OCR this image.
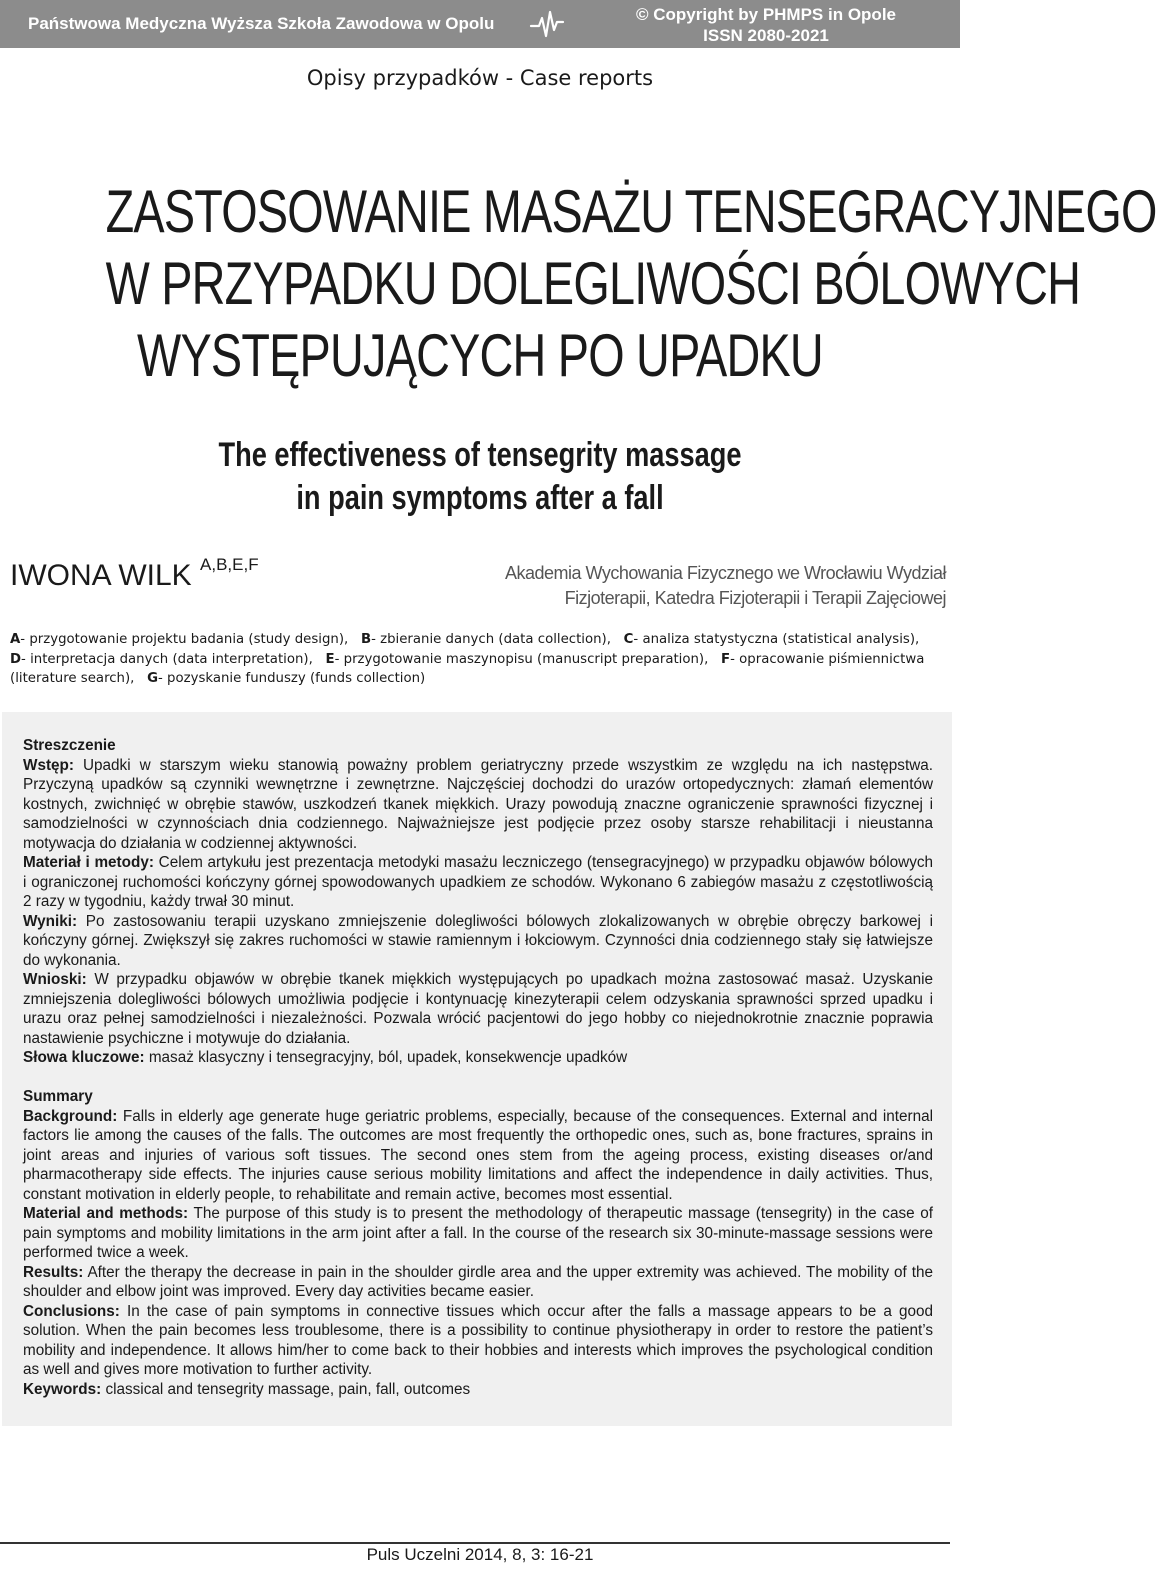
Państwowa Medyczna Wyższa Szkoła Zawodowa w Opolu	© Copyright by PHMPS in Opole
ISSN 2080-2021
Opisy przypadków - Case reports
ZASTOSOWANIE MASAŻU TENSEGRACYJNEGO
W PRZYPADKU DOLEGLIWOŚCI BÓLOWYCH
WYSTĘPUJĄCYCH PO UPADKU
The effectiveness of tensegrity massage
in pain symptoms after a fall
IWONA WILK $^{A,B,E,F}$	Akademia Wychowania Fizycznego we Wrocławiu Wydział
Fizjoterapii, Katedra Fizjoterapii i Terapii Zajęciowej
A- przygotowanie projektu badania (study design), B- zbieranie danych (data collection), C- analiza statystyczna (statistical analysis),
D- interpretacja danych (data interpretation), E- przygotowanie maszynopisu (manuscript preparation), F- opracowanie piśmiennictwa (literature search), G- pozyskanie funduszy (funds collection)

Streszczenie

Wstęp: Upadki w starszym wieku stanowią poważny problem geriatryczny przede wszystkim ze względu na ich następstwa. Przyczyną upadków są czynniki wewnętrzne i zewnętrzne. Najczęściej dochodzi do urazów ortopedycznych: złamań elementów kostnych, zwichnięć w obrębie stawów, uszkodzeń tkanek miękkich. Urazy powodują znaczne ograniczenie sprawności fizycznej i samodzielności w czynnościach dnia codziennego. Najważniejsze jest podjęcie przez osoby starsze rehabilitacji i nieustanna motywacja do działania w codziennej aktywności.

Materiał i metody: Celem artykułu jest prezentacja metodyki masażu leczniczego (tensegracyjnego) w przypadku objawów bólowych i ograniczonej ruchomości kończyny górnej spowodowanych upadkiem ze schodów. Wykonano 6 zabiegów masażu z częstotliwością 2 razy w tygodniu, każdy trwał 30 minut.

Wyniki: Po zastosowaniu terapii uzyskano zmniejszenie dolegliwości bólowych zlokalizowanych w obrębie obręczy barkowej i kończyny górnej. Zwiększył się zakres ruchomości w stawie ramiennym i łokciowym. Czynności dnia codziennego stały się łatwiejsze do wykonania.

Wnioski: W przypadku objawów w obrębie tkanek miękkich występujących po upadkach można zastosować masaż. Uzyskanie zmniejszenia dolegliwości bólowych umożliwia podjęcie i kontynuację kinezyterapii celem odzyskania sprawności sprzed upadku i urazu oraz pełnej samodzielności i niezależności. Pozwala wrócić pacjentowi do jego hobby co niejednokrotnie znacznie poprawia nastawienie psychiczne i motywuje do działania.

Słowa kluczowe: masaż klasyczny i tensegracyjny, ból, upadek, konsekwencje upadków

Summary

Background: Falls in elderly age generate huge geriatric problems, especially, because of the consequences. External and internal factors lie among the causes of the falls. The outcomes are most frequently the orthopedic ones, such as, bone fractures, sprains in joint areas and injuries of various soft tissues. The second ones stem from the ageing process, existing diseases or/and pharmacotherapy side effects. The injuries cause serious mobility limitations and affect the independence in daily activities. Thus, constant motivation in elderly people, to rehabilitate and remain active, becomes most essential.

Material and methods: The purpose of this study is to present the methodology of therapeutic massage (tensegrity) in the case of pain symptoms and mobility limitations in the arm joint after a fall. In the course of the research six 30-minute-massage sessions were performed twice a week.

Results: After the therapy the decrease in pain in the shoulder girdle area and the upper extremity was achieved. The mobility of the shoulder and elbow joint was improved. Every day activities became easier.

Conclusions: In the case of pain symptoms in connective tissues which occur after the falls a massage appears to be a good solution. When the pain becomes less troublesome, there is a possibility to continue physiotherapy in order to restore the patient’s mobility and independence. It allows him/her to come back to their hobbies and interests which improves the psychological condition as well and gives more motivation to further activity.

Keywords: classical and tensegrity massage, pain, fall, outcomes

Puls Uczelni 2014, 8, 3: 16-21
